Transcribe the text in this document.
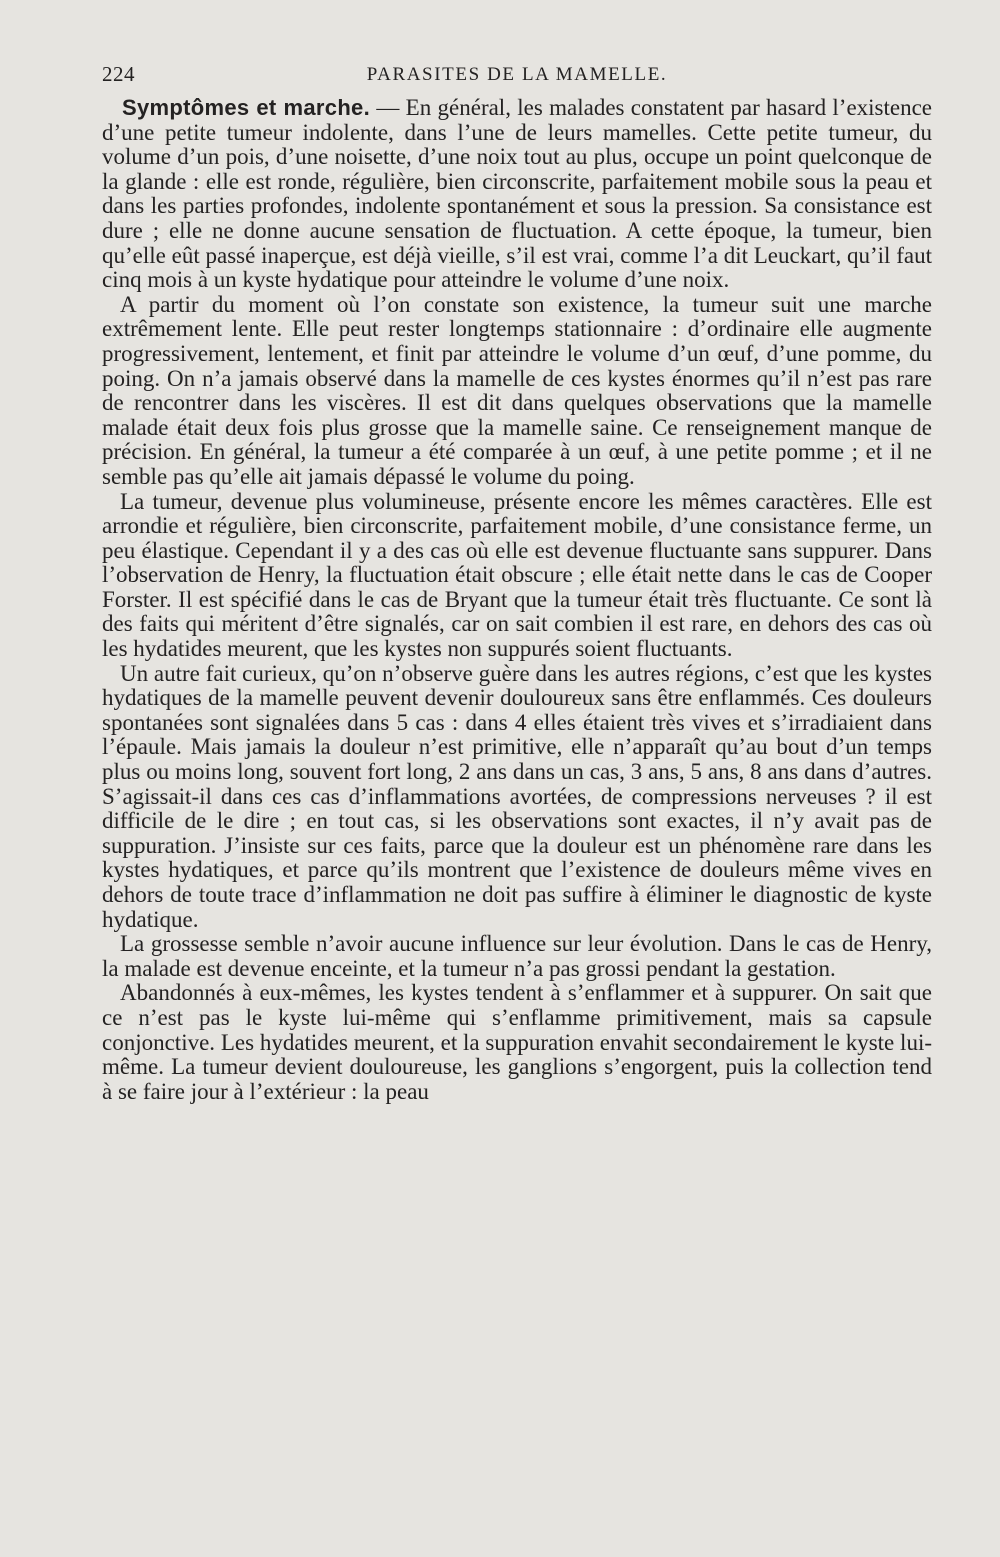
224	PARASITES DE LA MAMELLE.

Symptômes et marche. — En général, les malades constatent par hasard l’existence d’une petite tumeur indolente, dans l’une de leurs mamelles. Cette petite tumeur, du volume d’un pois, d’une noisette, d’une noix tout au plus, occupe un point quelconque de la glande : elle est ronde, régulière, bien circonscrite, parfaitement mobile sous la peau et dans les parties profondes, indolente spontanément et sous la pression. Sa consistance est dure ; elle ne donne aucune sensation de fluctuation. A cette époque, la tumeur, bien qu’elle eût passé inaperçue, est déjà vieille, s’il est vrai, comme l’a dit Leuckart, qu’il faut cinq mois à un kyste hydatique pour atteindre le volume d’une noix.

A partir du moment où l’on constate son existence, la tumeur suit une marche extrêmement lente. Elle peut rester longtemps stationnaire : d’ordinaire elle augmente progressivement, lentement, et finit par atteindre le volume d’un œuf, d’une pomme, du poing. On n’a jamais observé dans la mamelle de ces kystes énormes qu’il n’est pas rare de rencontrer dans les viscères. Il est dit dans quelques observations que la mamelle malade était deux fois plus grosse que la mamelle saine. Ce renseignement manque de précision. En général, la tumeur a été comparée à un œuf, à une petite pomme ; et il ne semble pas qu’elle ait jamais dépassé le volume du poing.

La tumeur, devenue plus volumineuse, présente encore les mêmes caractères. Elle est arrondie et régulière, bien circonscrite, parfaitement mobile, d’une consistance ferme, un peu élastique. Cependant il y a des cas où elle est devenue fluctuante sans suppurer. Dans l’observation de Henry, la fluctuation était obscure ; elle était nette dans le cas de Cooper Forster. Il est spécifié dans le cas de Bryant que la tumeur était très fluctuante. Ce sont là des faits qui méritent d’être signalés, car on sait combien il est rare, en dehors des cas où les hydatides meurent, que les kystes non suppurés soient fluctuants.

Un autre fait curieux, qu’on n’observe guère dans les autres régions, c’est que les kystes hydatiques de la mamelle peuvent devenir douloureux sans être enflammés. Ces douleurs spontanées sont signalées dans 5 cas : dans 4 elles étaient très vives et s’irradiaient dans l’épaule. Mais jamais la douleur n’est primitive, elle n’apparaît qu’au bout d’un temps plus ou moins long, souvent fort long, 2 ans dans un cas, 3 ans, 5 ans, 8 ans dans d’autres. S’agissait-il dans ces cas d’inflammations avortées, de compressions nerveuses ? il est difficile de le dire ; en tout cas, si les observations sont exactes, il n’y avait pas de suppuration. J’insiste sur ces faits, parce que la douleur est un phénomène rare dans les kystes hydatiques, et parce qu’ils montrent que l’existence de douleurs même vives en dehors de toute trace d’inflammation ne doit pas suffire à éliminer le diagnostic de kyste hydatique.

La grossesse semble n’avoir aucune influence sur leur évolution. Dans le cas de Henry, la malade est devenue enceinte, et la tumeur n’a pas grossi pendant la gestation.

Abandonnés à eux-mêmes, les kystes tendent à s’enflammer et à suppurer. On sait que ce n’est pas le kyste lui-même qui s’enflamme primitivement, mais sa capsule conjonctive. Les hydatides meurent, et la suppuration envahit secondairement le kyste lui-même. La tumeur devient douloureuse, les ganglions s’engorgent, puis la collection tend à se faire jour à l’extérieur : la peau
